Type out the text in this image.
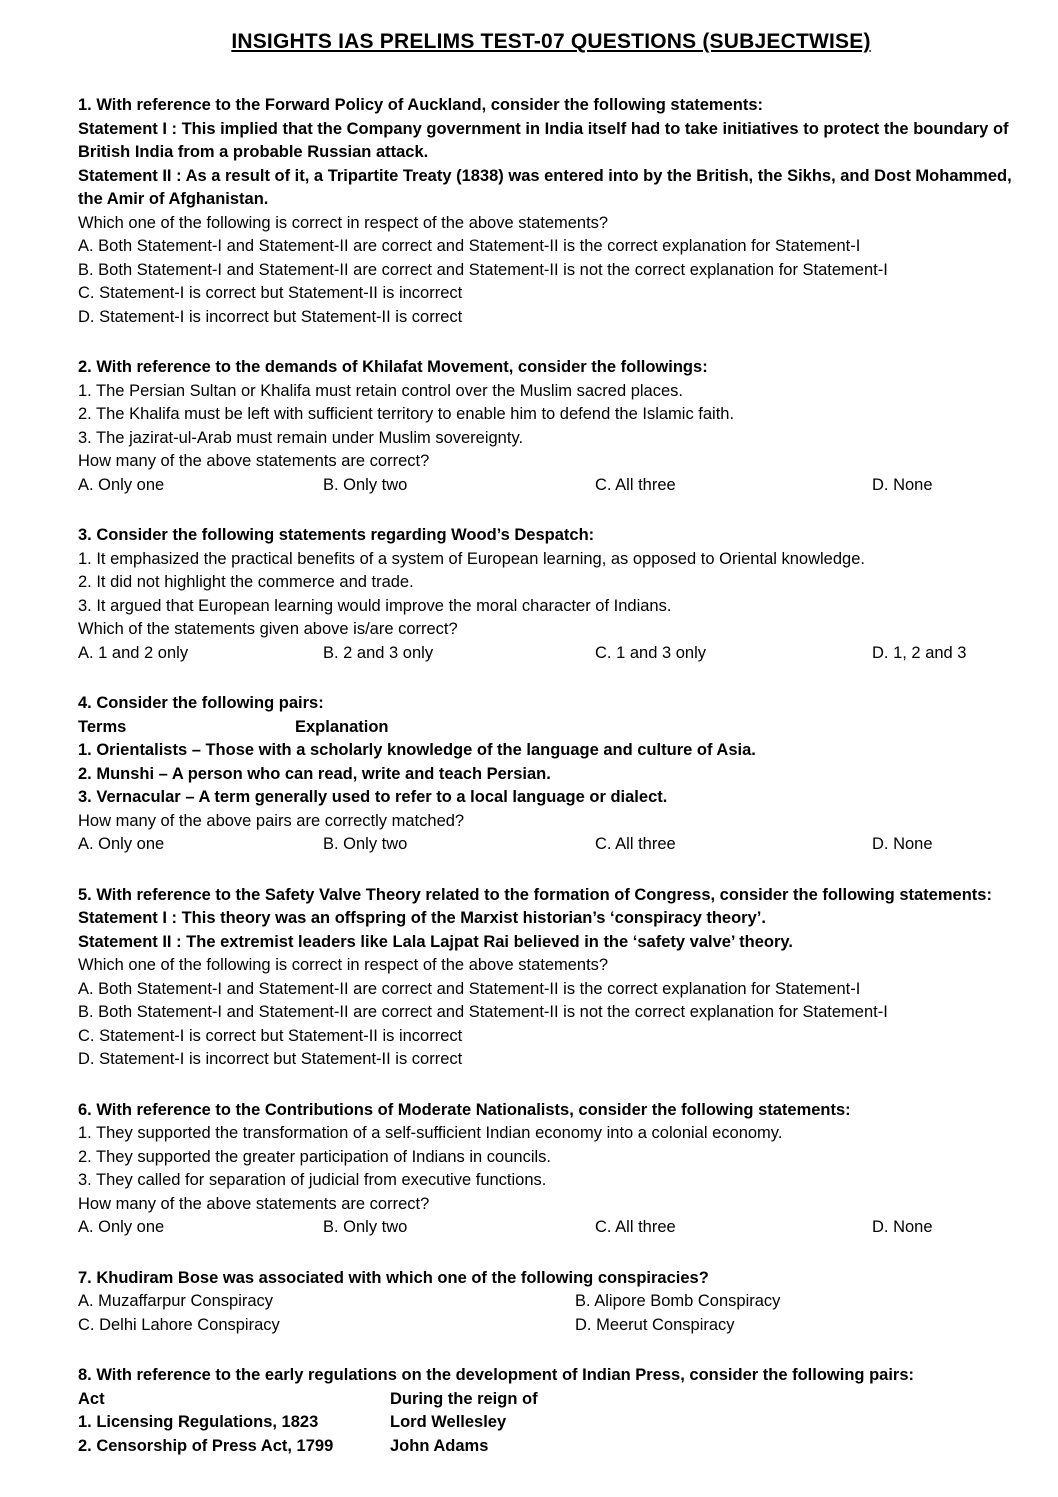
INSIGHTS IAS PRELIMS TEST-07 QUESTIONS (SUBJECTWISE)
1. With reference to the Forward Policy of Auckland, consider the following statements:
Statement I : This implied that the Company government in India itself had to take initiatives to protect the boundary of British India from a probable Russian attack.
Statement II : As a result of it, a Tripartite Treaty (1838) was entered into by the British, the Sikhs, and Dost Mohammed, the Amir of Afghanistan.
Which one of the following is correct in respect of the above statements?
A. Both Statement-I and Statement-II are correct and Statement-II is the correct explanation for Statement-I
B. Both Statement-I and Statement-II are correct and Statement-II is not the correct explanation for Statement-I
C. Statement-I is correct but Statement-II is incorrect
D. Statement-I is incorrect but Statement-II is correct
2. With reference to the demands of Khilafat Movement, consider the followings:
1. The Persian Sultan or Khalifa must retain control over the Muslim sacred places.
2. The Khalifa must be left with sufficient territory to enable him to defend the Islamic faith.
3. The jazirat-ul-Arab must remain under Muslim sovereignty.
How many of the above statements are correct?
A. Only one	B. Only two	C. All three	D. None
3. Consider the following statements regarding Wood’s Despatch:
1. It emphasized the practical benefits of a system of European learning, as opposed to Oriental knowledge.
2. It did not highlight the commerce and trade.
3. It argued that European learning would improve the moral character of Indians.
Which of the statements given above is/are correct?
A. 1 and 2 only	B. 2 and 3 only	C. 1 and 3 only	D. 1, 2 and 3
4. Consider the following pairs:
Terms	Explanation
1. Orientalists – Those with a scholarly knowledge of the language and culture of Asia.
2. Munshi – A person who can read, write and teach Persian.
3. Vernacular – A term generally used to refer to a local language or dialect.
How many of the above pairs are correctly matched?
A. Only one	B. Only two	C. All three	D. None
5. With reference to the Safety Valve Theory related to the formation of Congress, consider the following statements:
Statement I : This theory was an offspring of the Marxist historian’s ‘conspiracy theory’.
Statement II : The extremist leaders like Lala Lajpat Rai believed in the ‘safety valve’ theory.
Which one of the following is correct in respect of the above statements?
A. Both Statement-I and Statement-II are correct and Statement-II is the correct explanation for Statement-I
B. Both Statement-I and Statement-II are correct and Statement-II is not the correct explanation for Statement-I
C. Statement-I is correct but Statement-II is incorrect
D. Statement-I is incorrect but Statement-II is correct
6. With reference to the Contributions of Moderate Nationalists, consider the following statements:
1. They supported the transformation of a self-sufficient Indian economy into a colonial economy.
2. They supported the greater participation of Indians in councils.
3. They called for separation of judicial from executive functions.
How many of the above statements are correct?
A. Only one	B. Only two	C. All three	D. None
7. Khudiram Bose was associated with which one of the following conspiracies?
A. Muzaffarpur Conspiracy	B. Alipore Bomb Conspiracy
C. Delhi Lahore Conspiracy	D. Meerut Conspiracy
8. With reference to the early regulations on the development of Indian Press, consider the following pairs:
Act	During the reign of
1. Licensing Regulations, 1823	Lord Wellesley
2. Censorship of Press Act, 1799	John Adams
